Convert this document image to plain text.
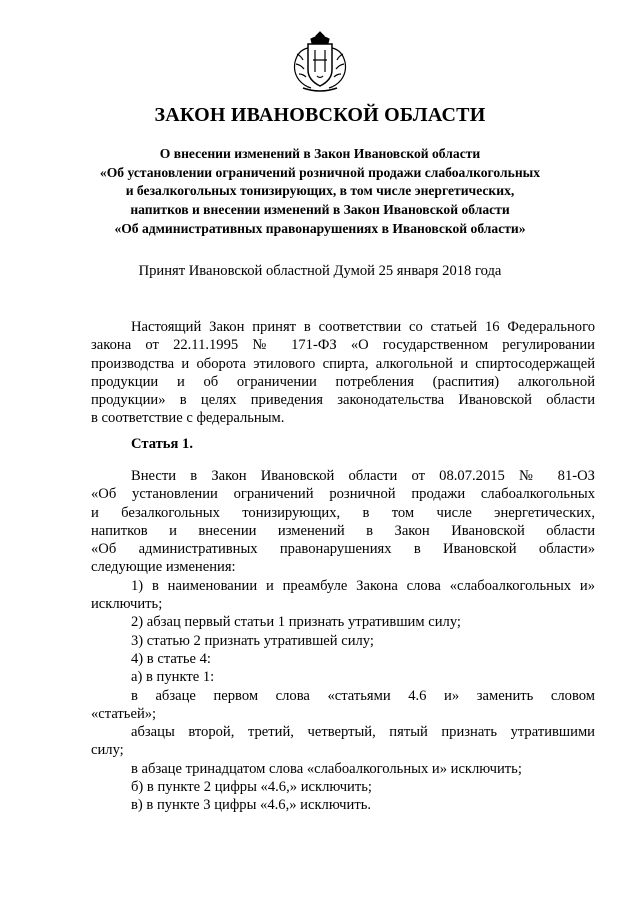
ЗАКОН ИВАНОВСКОЙ ОБЛАСТИ
О внесении изменений в Закон Ивановской области
«Об установлении ограничений розничной продажи слабоалкогольных
и безалкогольных тонизирующих, в том числе энергетических,
напитков и внесении изменений в Закон Ивановской области
«Об административных правонарушениях в Ивановской области»
Принят Ивановской областной Думой 25 января 2018 года
Настоящий Закон принят в соответствии со статьей 16 Федерального
закона от 22.11.1995 № 171-ФЗ «О государственном регулировании
производства и оборота этилового спирта, алкогольной и спиртосодержащей
продукции и об ограничении потребления (распития) алкогольной
продукции» в целях приведения законодательства Ивановской области
в соответствие с федеральным.
Статья 1.
Внести в Закон Ивановской области от 08.07.2015 № 81-ОЗ
«Об установлении ограничений розничной продажи слабоалкогольных
и безалкогольных тонизирующих, в том числе энергетических,
напитков и внесении изменений в Закон Ивановской области
«Об административных правонарушениях в Ивановской области»
следующие изменения:
1) в наименовании и преамбуле Закона слова «слабоалкогольных и»
исключить;
2) абзац первый статьи 1 признать утратившим силу;
3) статью 2 признать утратившей силу;
4) в статье 4:
а) в пункте 1:
в абзаце первом слова «статьями 4.6 и» заменить словом
«статьей»;
абзацы второй, третий, четвертый, пятый признать утратившими
силу;
в абзаце тринадцатом слова «слабоалкогольных и» исключить;
б) в пункте 2 цифры «4.6,» исключить;
в) в пункте 3 цифры «4.6,» исключить.
